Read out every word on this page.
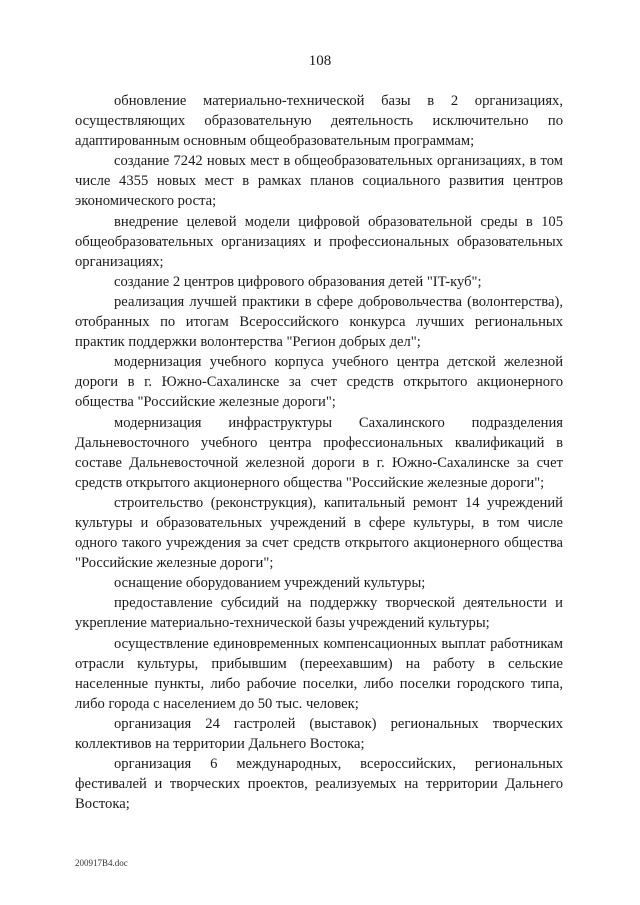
108

обновление материально-технической базы в 2 организациях, осуществляющих образовательную деятельность исключительно по адаптированным основным общеобразовательным программам;

создание 7242 новых мест в общеобразовательных организациях, в том числе 4355 новых мест в рамках планов социального развития центров экономического роста;

внедрение целевой модели цифровой образовательной среды в 105 общеобразовательных организациях и профессиональных образовательных организациях;

создание 2 центров цифрового образования детей "IT-куб";

реализация лучшей практики в сфере добровольчества (волонтерства), отобранных по итогам Всероссийского конкурса лучших региональных практик поддержки волонтерства "Регион добрых дел";

модернизация учебного корпуса учебного центра детской железной дороги в г. Южно-Сахалинске за счет средств открытого акционерного общества "Российские железные дороги";

модернизация инфраструктуры Сахалинского подразделения Дальневосточного учебного центра профессиональных квалификаций в составе Дальневосточной железной дороги в г. Южно-Сахалинске за счет средств открытого акционерного общества "Российские железные дороги";

строительство (реконструкция), капитальный ремонт 14 учреждений культуры и образовательных учреждений в сфере культуры, в том числе одного такого учреждения за счет средств открытого акционерного общества "Российские железные дороги";

оснащение оборудованием учреждений культуры;

предоставление субсидий на поддержку творческой деятельности и укрепление материально-технической базы учреждений культуры;

осуществление единовременных компенсационных выплат работникам отрасли культуры, прибывшим (переехавшим) на работу в сельские населенные пункты, либо рабочие поселки, либо поселки городского типа, либо города с населением до 50 тыс. человек;

организация 24 гастролей (выставок) региональных творческих коллективов на территории Дальнего Востока;

организация 6 международных, всероссийских, региональных фестивалей и творческих проектов, реализуемых на территории Дальнего Востока;

200917В4.doc
